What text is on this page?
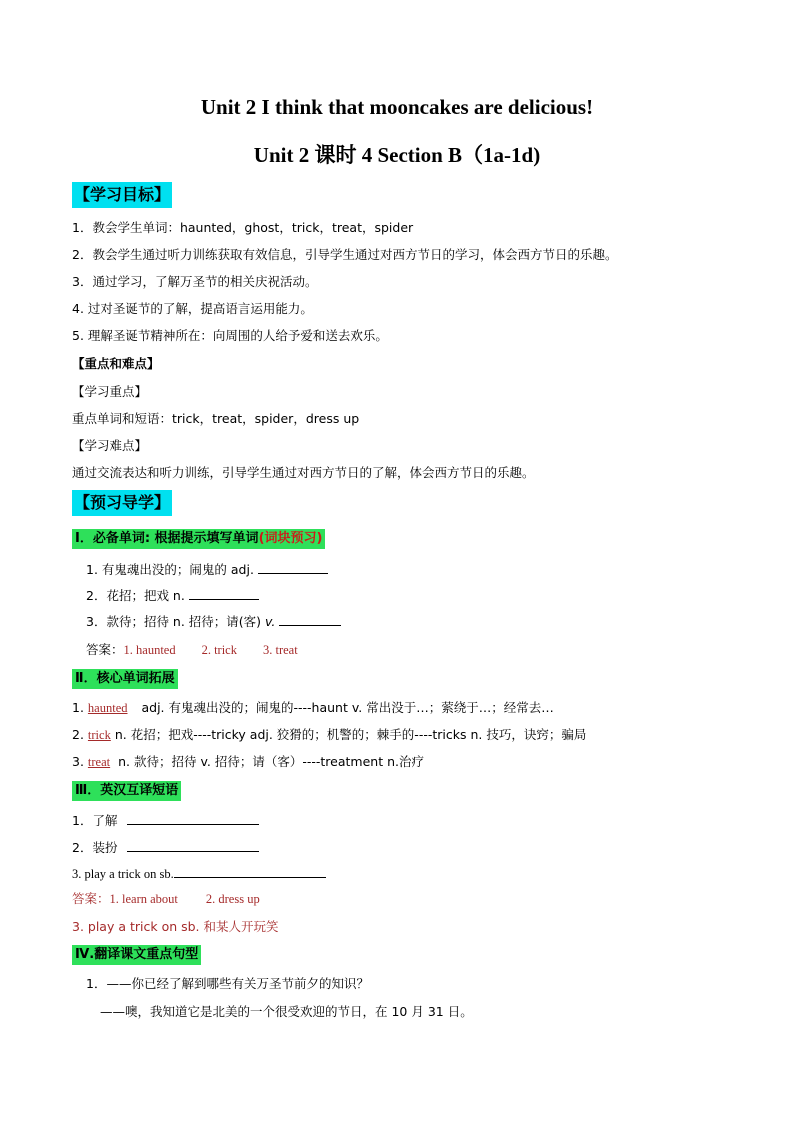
Unit 2 I think that mooncakes are delicious!
Unit 2 课时 4 Section B（1a-1d)
【学习目标】
1．教会学生单词：haunted，ghost，trick，treat，spider
2．教会学生通过听力训练获取有效信息，引导学生通过对西方节日的学习，体会西方节日的乐趣。
3．通过学习，了解万圣节的相关庆祝活动。
4. 过对圣诞节的了解，提高语言运用能力。
5. 理解圣诞节精神所在：向周围的人给予爱和送去欢乐。
【重点和难点】
【学习重点】
重点单词和短语：trick，treat，spider，dress up
【学习难点】
通过交流表达和听力训练，引导学生通过对西方节日的了解，体会西方节日的乐趣。
【预习导学】
Ⅰ．必备单词: 根据提示填写单词(词块预习)
1. 有鬼魂出没的；闹鬼的 adj.
2．花招；把戏 n.
3．款待；招待 n. 招待；请(客) v.
答案：1. haunted 2. trick 3. treat
Ⅱ．核心单词拓展
1. haunted adj. 有鬼魂出没的；闹鬼的----haunt v. 常出没于…；萦绕于…；经常去…
2. trick n. 花招；把戏----tricky adj. 狡猾的；机警的；棘手的----tricks n. 技巧，诀窍；骗局
3. treat n. 款待；招待 v. 招待；请（客）----treatment n.治疗
Ⅲ．英汉互译短语
1．了解
2．装扮
3. play a trick on sb.
答案：1. learn about 2. dress up
3. play a trick on sb. 和某人开玩笑
Ⅳ.翻译课文重点句型
1．——你已经了解到哪些有关万圣节前夕的知识？
——噢，我知道它是北美的一个很受欢迎的节日，在 10 月 31 日。
